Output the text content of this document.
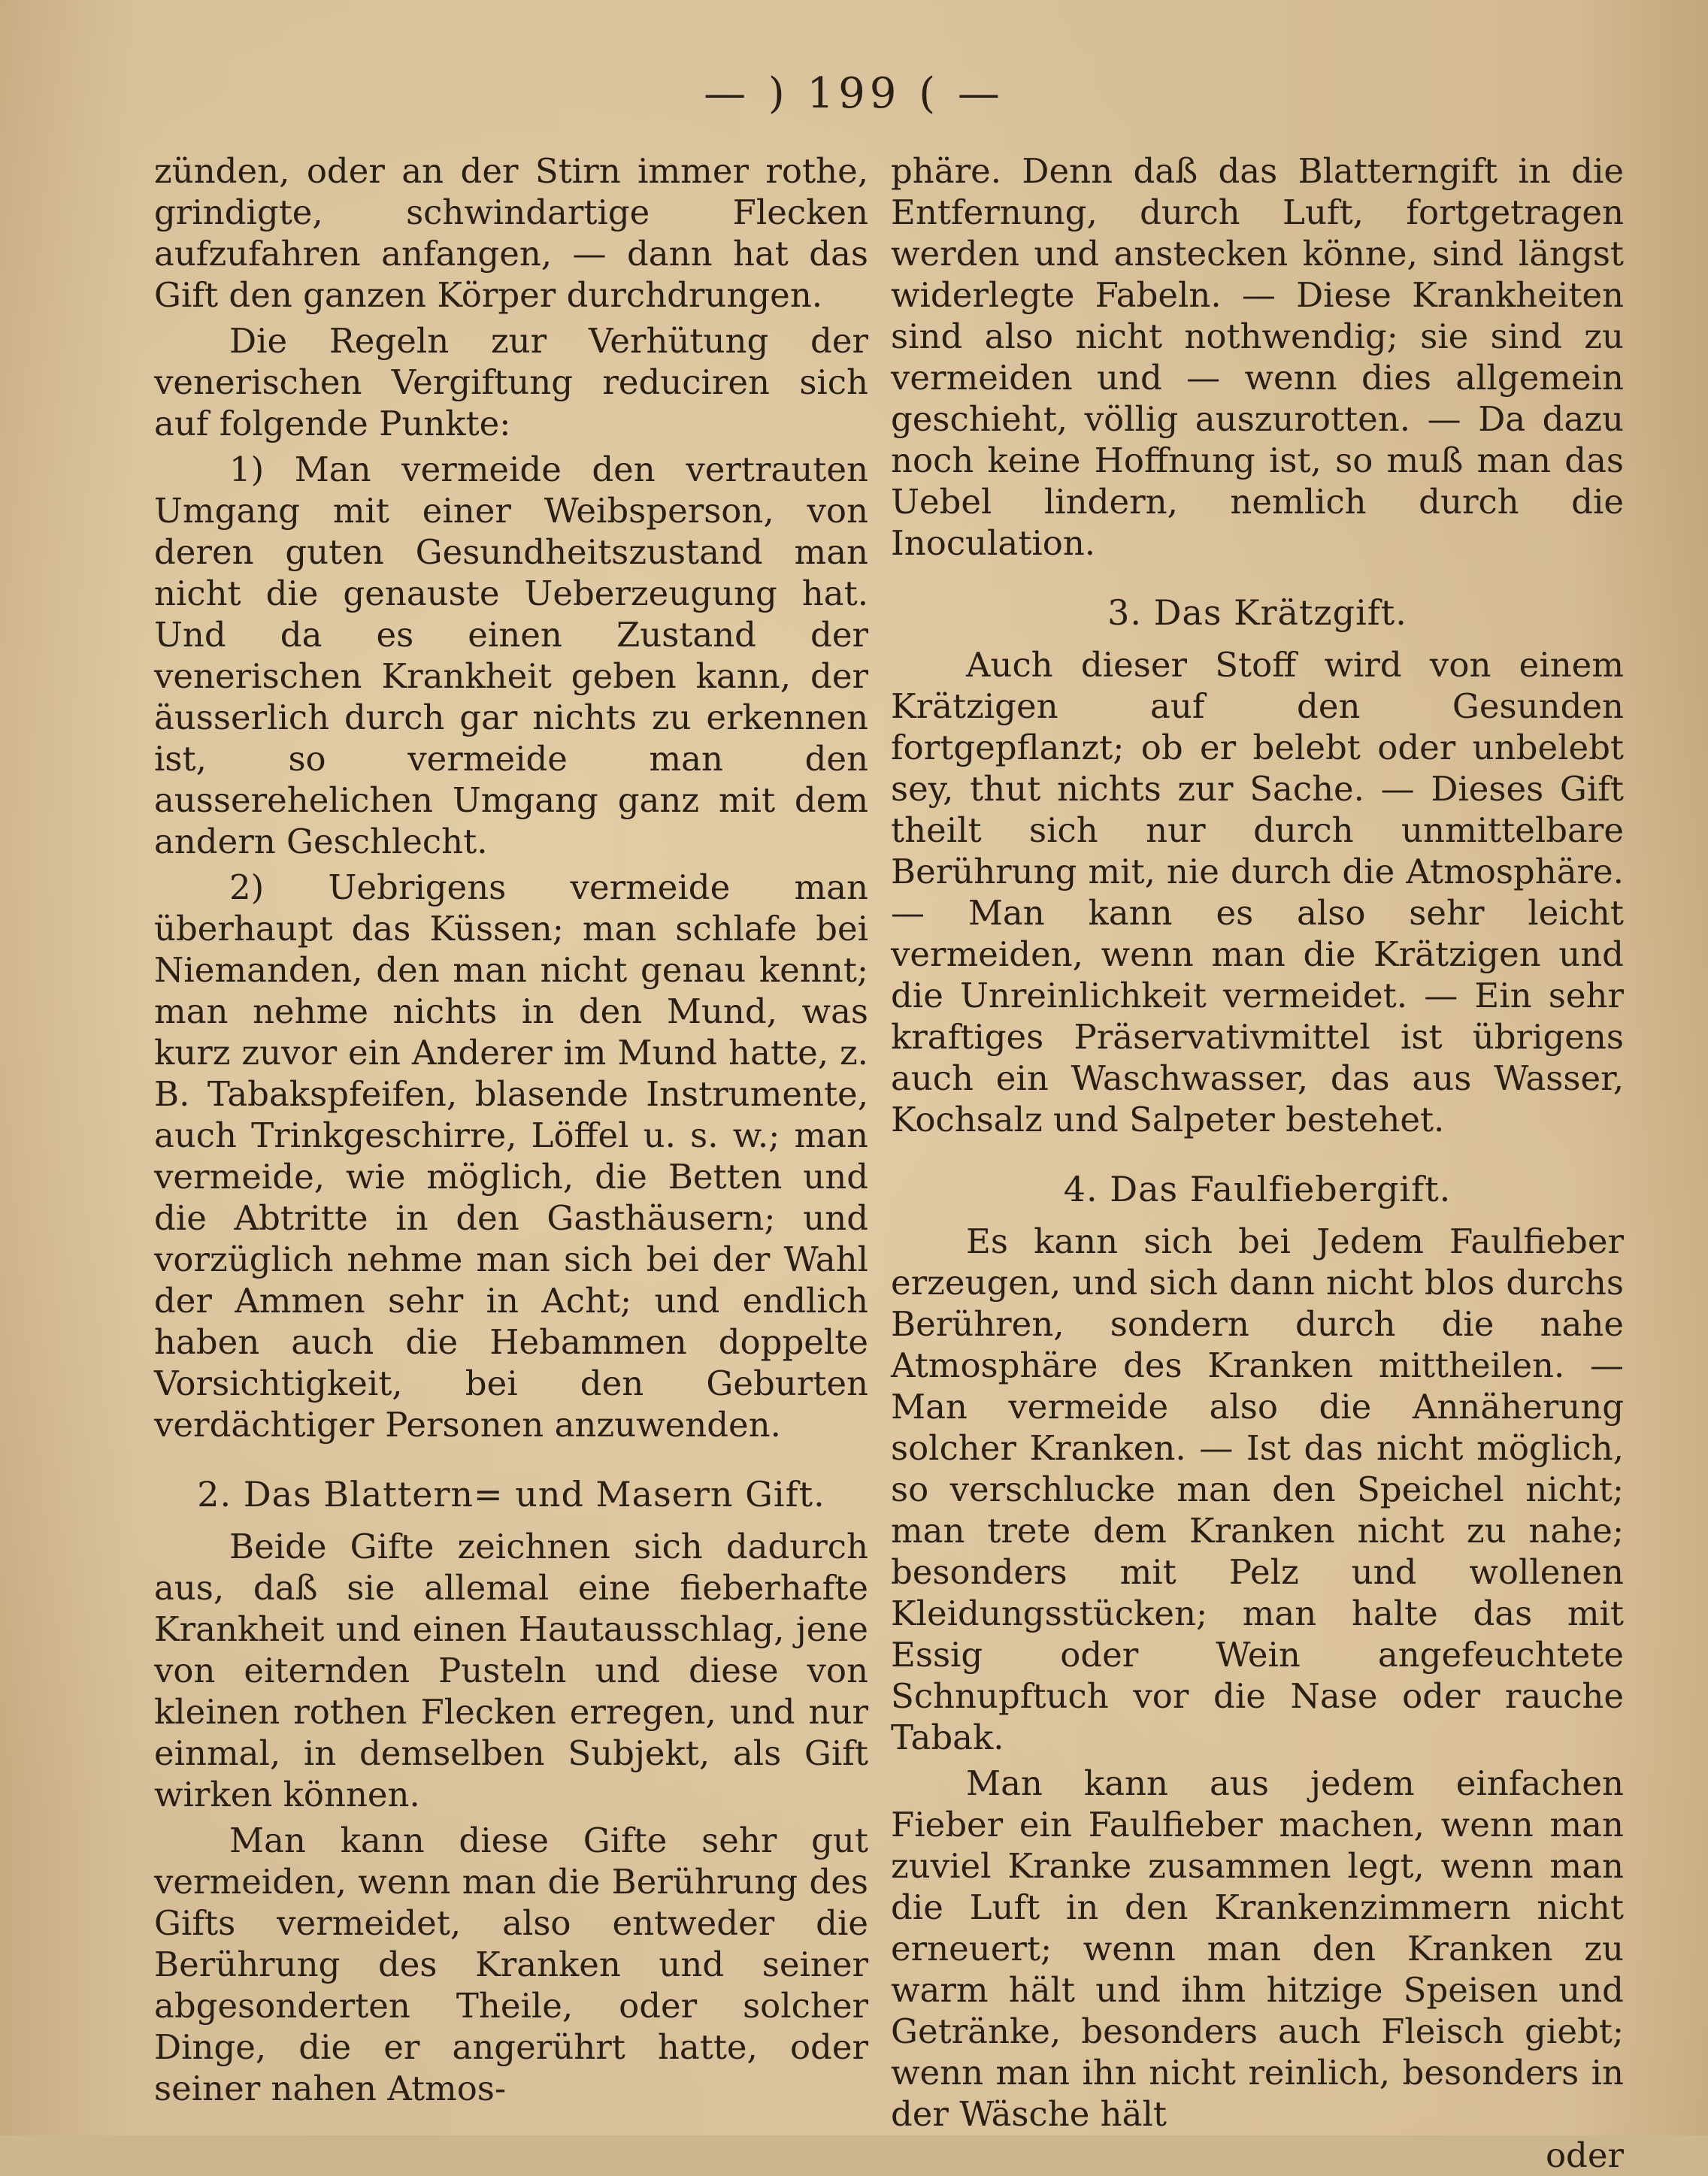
— ) 199 ( —

zünden, oder an der Stirn immer rothe, grindigte, schwindartige Flecken aufzufahren anfangen, — dann hat das Gift den ganzen Körper durchdrungen.

Die Regeln zur Verhütung der venerischen Vergiftung reduciren sich auf folgende Punkte:

1) Man vermeide den vertrauten Umgang mit einer Weibsperson, von deren guten Gesundheitszustand man nicht die genauste Ueberzeugung hat. Und da es einen Zustand der venerischen Krankheit geben kann, der äusserlich durch gar nichts zu erkennen ist, so vermeide man den ausserehelichen Umgang ganz mit dem andern Geschlecht.

2) Uebrigens vermeide man überhaupt das Küssen; man schlafe bei Niemanden, den man nicht genau kennt; man nehme nichts in den Mund, was kurz zuvor ein Anderer im Mund hatte, z. B. Tabakspfeifen, blasende Instrumente, auch Trinkgeschirre, Löffel u. s. w.; man vermeide, wie möglich, die Betten und die Abtritte in den Gasthäusern; und vorzüglich nehme man sich bei der Wahl der Ammen sehr in Acht; und endlich haben auch die Hebammen doppelte Vorsichtigkeit, bei den Geburten verdächtiger Personen anzuwenden.

2. Das Blattern= und Masern Gift.

Beide Gifte zeichnen sich dadurch aus, daß sie allemal eine fieberhafte Krankheit und einen Hautausschlag, jene von eiternden Pusteln und diese von kleinen rothen Flecken erregen, und nur einmal, in demselben Subjekt, als Gift wirken können.

Man kann diese Gifte sehr gut vermeiden, wenn man die Berührung des Gifts vermeidet, also entweder die Berührung des Kranken und seiner abgesonderten Theile, oder solcher Dinge, die er angerührt hatte, oder seiner nahen Atmos-

phäre. Denn daß das Blatterngift in die Entfernung, durch Luft, fortgetragen werden und anstecken könne, sind längst widerlegte Fabeln. — Diese Krankheiten sind also nicht nothwendig; sie sind zu vermeiden und — wenn dies allgemein geschieht, völlig auszurotten. — Da dazu noch keine Hoffnung ist, so muß man das Uebel lindern, nemlich durch die Inoculation.

3. Das Krätzgift.

Auch dieser Stoff wird von einem Krätzigen auf den Gesunden fortgepflanzt; ob er belebt oder unbelebt sey, thut nichts zur Sache. — Dieses Gift theilt sich nur durch unmittelbare Berührung mit, nie durch die Atmosphäre. — Man kann es also sehr leicht vermeiden, wenn man die Krätzigen und die Unreinlichkeit vermeidet. — Ein sehr kraftiges Präservativmittel ist übrigens auch ein Waschwasser, das aus Wasser, Kochsalz und Salpeter bestehet.

4. Das Faulfiebergift.

Es kann sich bei Jedem Faulfieber erzeugen, und sich dann nicht blos durchs Berühren, sondern durch die nahe Atmosphäre des Kranken mittheilen. — Man vermeide also die Annäherung solcher Kranken. — Ist das nicht möglich, so verschlucke man den Speichel nicht; man trete dem Kranken nicht zu nahe; besonders mit Pelz und wollenen Kleidungsstücken; man halte das mit Essig oder Wein angefeuchtete Schnupftuch vor die Nase oder rauche Tabak.

Man kann aus jedem einfachen Fieber ein Faulfieber machen, wenn man zuviel Kranke zusammen legt, wenn man die Luft in den Krankenzimmern nicht erneuert; wenn man den Kranken zu warm hält und ihm hitzige Speisen und Getränke, besonders auch Fleisch giebt; wenn man ihn nicht reinlich, besonders in der Wäsche hält

oder
